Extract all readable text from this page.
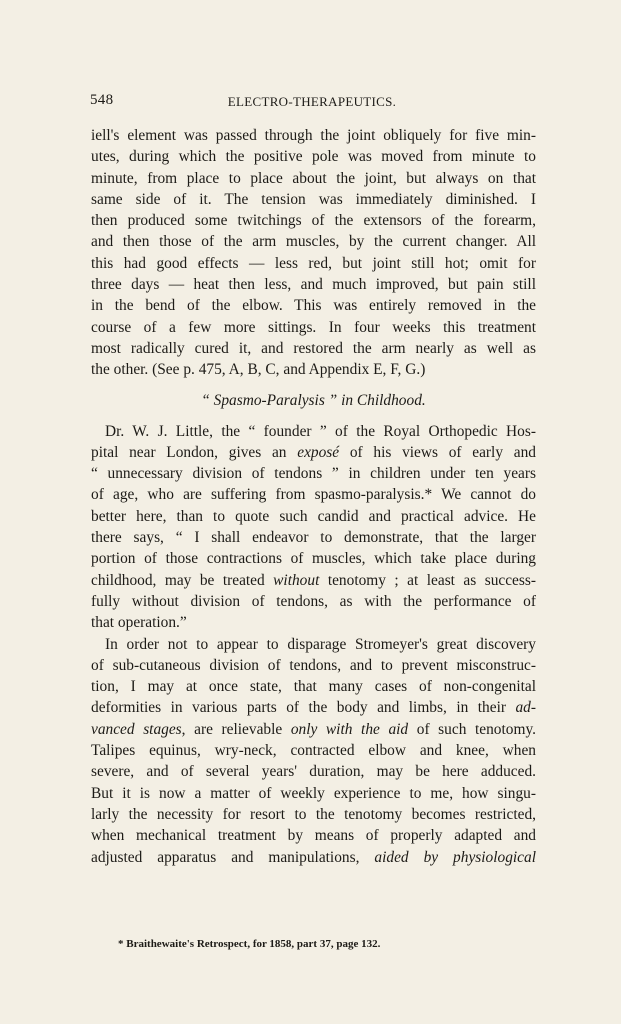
548	ELECTRO-THERAPEUTICS.
iell's element was passed through the joint obliquely for five min-
utes, during which the positive pole was moved from minute to
minute, from place to place about the joint, but always on that
same side of it. The tension was immediately diminished. I
then produced some twitchings of the extensors of the forearm,
and then those of the arm muscles, by the current changer. All
this had good effects — less red, but joint still hot; omit for
three days — heat then less, and much improved, but pain still
in the bend of the elbow. This was entirely removed in the
course of a few more sittings. In four weeks this treatment
most radically cured it, and restored the arm nearly as well as
the other. (See p. 475, A, B, C, and Appendix E, F, G.)
“ Spasmo-Paralysis ” in Childhood.
Dr. W. J. Little, the “ founder ” of the Royal Orthopedic Hos-
pital near London, gives an exposé of his views of early and
“ unnecessary division of tendons ” in children under ten years
of age, who are suffering from spasmo-paralysis.* We cannot do
better here, than to quote such candid and practical advice. He
there says, “ I shall endeavor to demonstrate, that the larger
portion of those contractions of muscles, which take place during
childhood, may be treated without tenotomy ; at least as success-
fully without division of tendons, as with the performance of
that operation.”
In order not to appear to disparage Stromeyer's great discovery
of sub-cutaneous division of tendons, and to prevent misconstruc-
tion, I may at once state, that many cases of non-congenital
deformities in various parts of the body and limbs, in their ad-
vanced stages, are relievable only with the aid of such tenotomy.
Talipes equinus, wry-neck, contracted elbow and knee, when
severe, and of several years' duration, may be here adduced.
But it is now a matter of weekly experience to me, how singu-
larly the necessity for resort to the tenotomy becomes restricted,
when mechanical treatment by means of properly adapted and
adjusted apparatus and manipulations, aided by physiological
* Braithewaite's Retrospect, for 1858, part 37, page 132.
